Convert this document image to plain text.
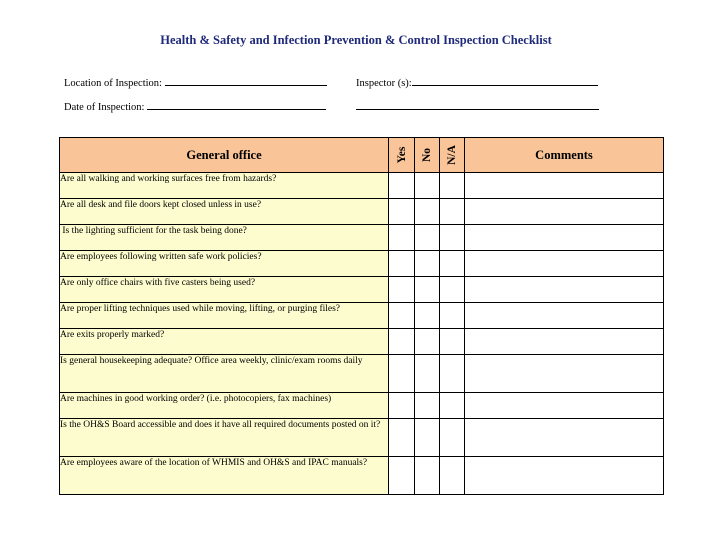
Health & Safety and Infection Prevention & Control Inspection Checklist
Location of Inspection:	Inspector (s):
Date of Inspection:
General office	Yes	No	N/A	Comments
Are all walking and working surfaces free from hazards?				
Are all desk and file doors kept closed unless in use?				
Is the lighting sufficient for the task being done?				
Are employees following written safe work policies?				
Are only office chairs with five casters being used?				
Are proper lifting techniques used while moving, lifting, or purging files?				
Are exits properly marked?				
Is general housekeeping adequate? Office area weekly, clinic/exam rooms daily				
Are machines in good working order? (i.e. photocopiers, fax machines)				
Is the OH&S Board accessible and does it have all required documents posted on it?				
Are employees aware of the location of WHMIS and OH&S and IPAC manuals?				
